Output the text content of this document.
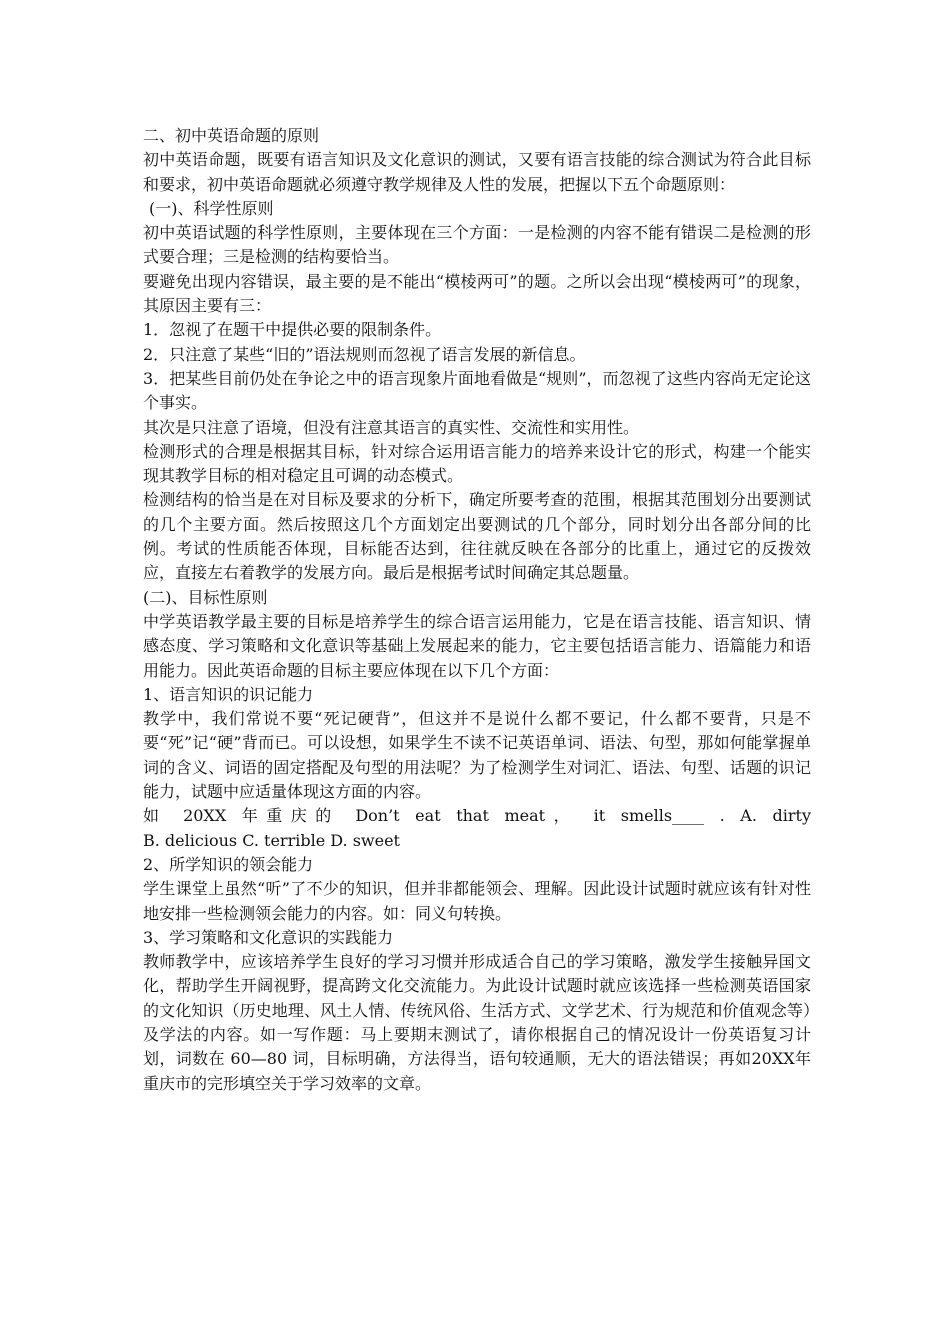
二、初中英语命题的原则

初中英语命题，既要有语言知识及文化意识的测试，又要有语言技能的综合测试为符合此目标和要求，初中英语命题就必须遵守教学规律及人性的发展，把握以下五个命题原则：

(一)、科学性原则

初中英语试题的科学性原则，主要体现在三个方面：一是检测的内容不能有错误二是检测的形式要合理；三是检测的结构要恰当。

要避免出现内容错误，最主要的是不能出“模棱两可”的题。之所以会出现“模棱两可”的现象，其原因主要有三：

1．忽视了在题干中提供必要的限制条件。

2．只注意了某些“旧的”语法规则而忽视了语言发展的新信息。

3．把某些目前仍处在争论之中的语言现象片面地看做是“规则”，而忽视了这些内容尚无定论这个事实。

其次是只注意了语境，但没有注意其语言的真实性、交流性和实用性。

检测形式的合理是根据其目标，针对综合运用语言能力的培养来设计它的形式，构建一个能实现其教学目标的相对稳定且可调的动态模式。

检测结构的恰当是在对目标及要求的分析下，确定所要考查的范围，根据其范围划分出要测试的几个主要方面。然后按照这几个方面划定出要测试的几个部分，同时划分出各部分间的比例。考试的性质能否体现，目标能否达到，往往就反映在各部分的比重上，通过它的反拨效应，直接左右着教学的发展方向。最后是根据考试时间确定其总题量。

(二)、目标性原则

中学英语教学最主要的目标是培养学生的综合语言运用能力，它是在语言技能、语言知识、情感态度、学习策略和文化意识等基础上发展起来的能力，它主要包括语言能力、语篇能力和语用能力。因此英语命题的目标主要应体现在以下几个方面：

1、语言知识的识记能力

教学中，我们常说不要“死记硬背”，但这并不是说什么都不要记，什么都不要背，只是不要“死”记“硬”背而已。可以设想，如果学生不读不记英语单词、语法、句型，那如何能掌握单词的含义、词语的固定搭配及句型的用法呢？为了检测学生对词汇、语法、句型、话题的识记能力，试题中应适量体现这方面的内容。

如 20XX 年重庆的 Don’t eat that meat， it smells____ . A. dirty

B. delicious C. terrible D. sweet

2、所学知识的领会能力

学生课堂上虽然“听”了不少的知识，但并非都能领会、理解。因此设计试题时就应该有针对性地安排一些检测领会能力的内容。如：同义句转换。

3、学习策略和文化意识的实践能力

教师教学中，应该培养学生良好的学习习惯并形成适合自己的学习策略，激发学生接触异国文化，帮助学生开阔视野，提高跨文化交流能力。为此设计试题时就应该选择一些检测英语国家的文化知识（历史地理、风土人情、传统风俗、生活方式、文学艺术、行为规范和价值观念等）及学法的内容。如一写作题：马上要期末测试了，请你根据自己的情况设计一份英语复习计划，词数在 60—80 词，目标明确，方法得当，语句较通顺，无大的语法错误；再如20XX年重庆市的完形填空关于学习效率的文章。
